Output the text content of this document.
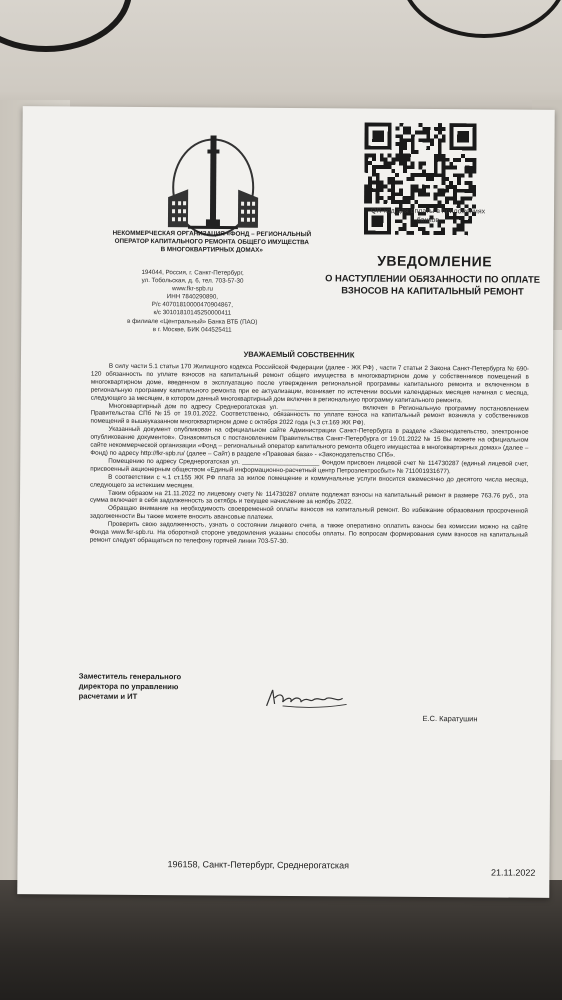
QR-код для оплаты в приложениях банков
НЕКОММЕРЧЕСКАЯ ОРГАНИЗАЦИЯ «ФОНД – РЕГИОНАЛЬНЫЙ ОПЕРАТОР КАПИТАЛЬНОГО РЕМОНТА ОБЩЕГО ИМУЩЕСТВА В МНОГОКВАРТИРНЫХ ДОМАХ»
194044, Россия, г. Санкт-Петербург,
ул. Тобольская, д. 6, тел. 703-57-30
www.fkr-spb.ru
ИНН 7840290890,
Р/с 40701810000470904867,
к/с 30101810145250000411
в филиале «Центральный» Банка ВТБ (ПАО)
в г. Москве, БИК 044525411
УВЕДОМЛЕНИЕ
О НАСТУПЛЕНИИ ОБЯЗАННОСТИ ПО ОПЛАТЕ ВЗНОСОВ НА КАПИТАЛЬНЫЙ РЕМОНТ
УВАЖАЕМЫЙ СОБСТВЕННИК

В силу части 5.1 статьи 170 Жилищного кодекса Российской Федерации (далее - ЖК РФ) , части 7 статьи 2 Закона Санкт-Петербурга № 690-120 обязанность по уплате взносов на капитальный ремонт общего имущества в многоквартирном доме у собственников помещений в многоквартирном доме, введенном в эксплуатацию после утверждения региональной программы капитального ремонта и включенном в региональную программу капитального ремонта при ее актуализации, возникает по истечении восьми календарных месяцев начиная с месяца, следующего за месяцем, в котором данный многоквартирный дом включен в региональную программу капитального ремонта.

Многоквартирный дом по адресу Среднерогатская ул. ______________________ включен в Региональную программу постановлением Правительства СПб №15 от 19.01.2022. Соответственно, обязанность по уплате взноса на капитальный ремонт возникла у собственников помещений в вышеуказанном многоквартирном доме с октября 2022 года (ч.3 ст.169 ЖК РФ).

Указанный документ опубликован на официальном сайте Администрации Санкт-Петербурга в разделе «Законодательство, электронное опубликование документов». Ознакомиться с постановлением Правительства Санкт-Петербурга от 19.01.2022 № 15 Вы можете на официальном сайте некоммерческой организации «Фонд – региональный оператор капитального ремонта общего имущества в многоквартирных домах» (далее – Фонд) по адресу http://fkr-spb.ru/ (далее – Сайт) в разделе «Правовая база» - «Законодательство СПб».

Помещению по адресу Среднерогатская ул. ______________________ Фондом присвоен лицевой счет № 114730287 (единый лицевой счет, присвоенный акционерным обществом «Единый информационно-расчетный центр Петроэлектросбыт» № 711001931677).

В соответствии с ч.1 ст.155 ЖК РФ плата за жилое помещение и коммунальные услуги вносится ежемесячно до десятого числа месяца, следующего за истекшим месяцем.

Таким образом на 21.11.2022 по лицевому счету № 114730287 оплате подлежат взносы на капитальный ремонт в размере 763.76 руб., эта сумма включает в себя задолженность за октябрь и текущее начисление за ноябрь 2022.

Обращаю внимание на необходимость своевременной оплаты взносов на капитальный ремонт. Во избежание образования просроченной задолженности Вы также можете вносить авансовые платежи.

Проверить свою задолженность, узнать о состоянии лицевого счета, а также оперативно оплатить взносы без комиссии можно на сайте Фонда www.fkr-spb.ru. На оборотной стороне уведомления указаны способы оплаты. По вопросам формирования сумм взносов на капитальный ремонт следует обращаться по телефону горячей линии 703-57-30.

Заместитель генерального директора по управлению расчетами и ИТ
Е.С. Каратушин
196158, Санкт-Петербург, Среднерогатская
21.11.2022
